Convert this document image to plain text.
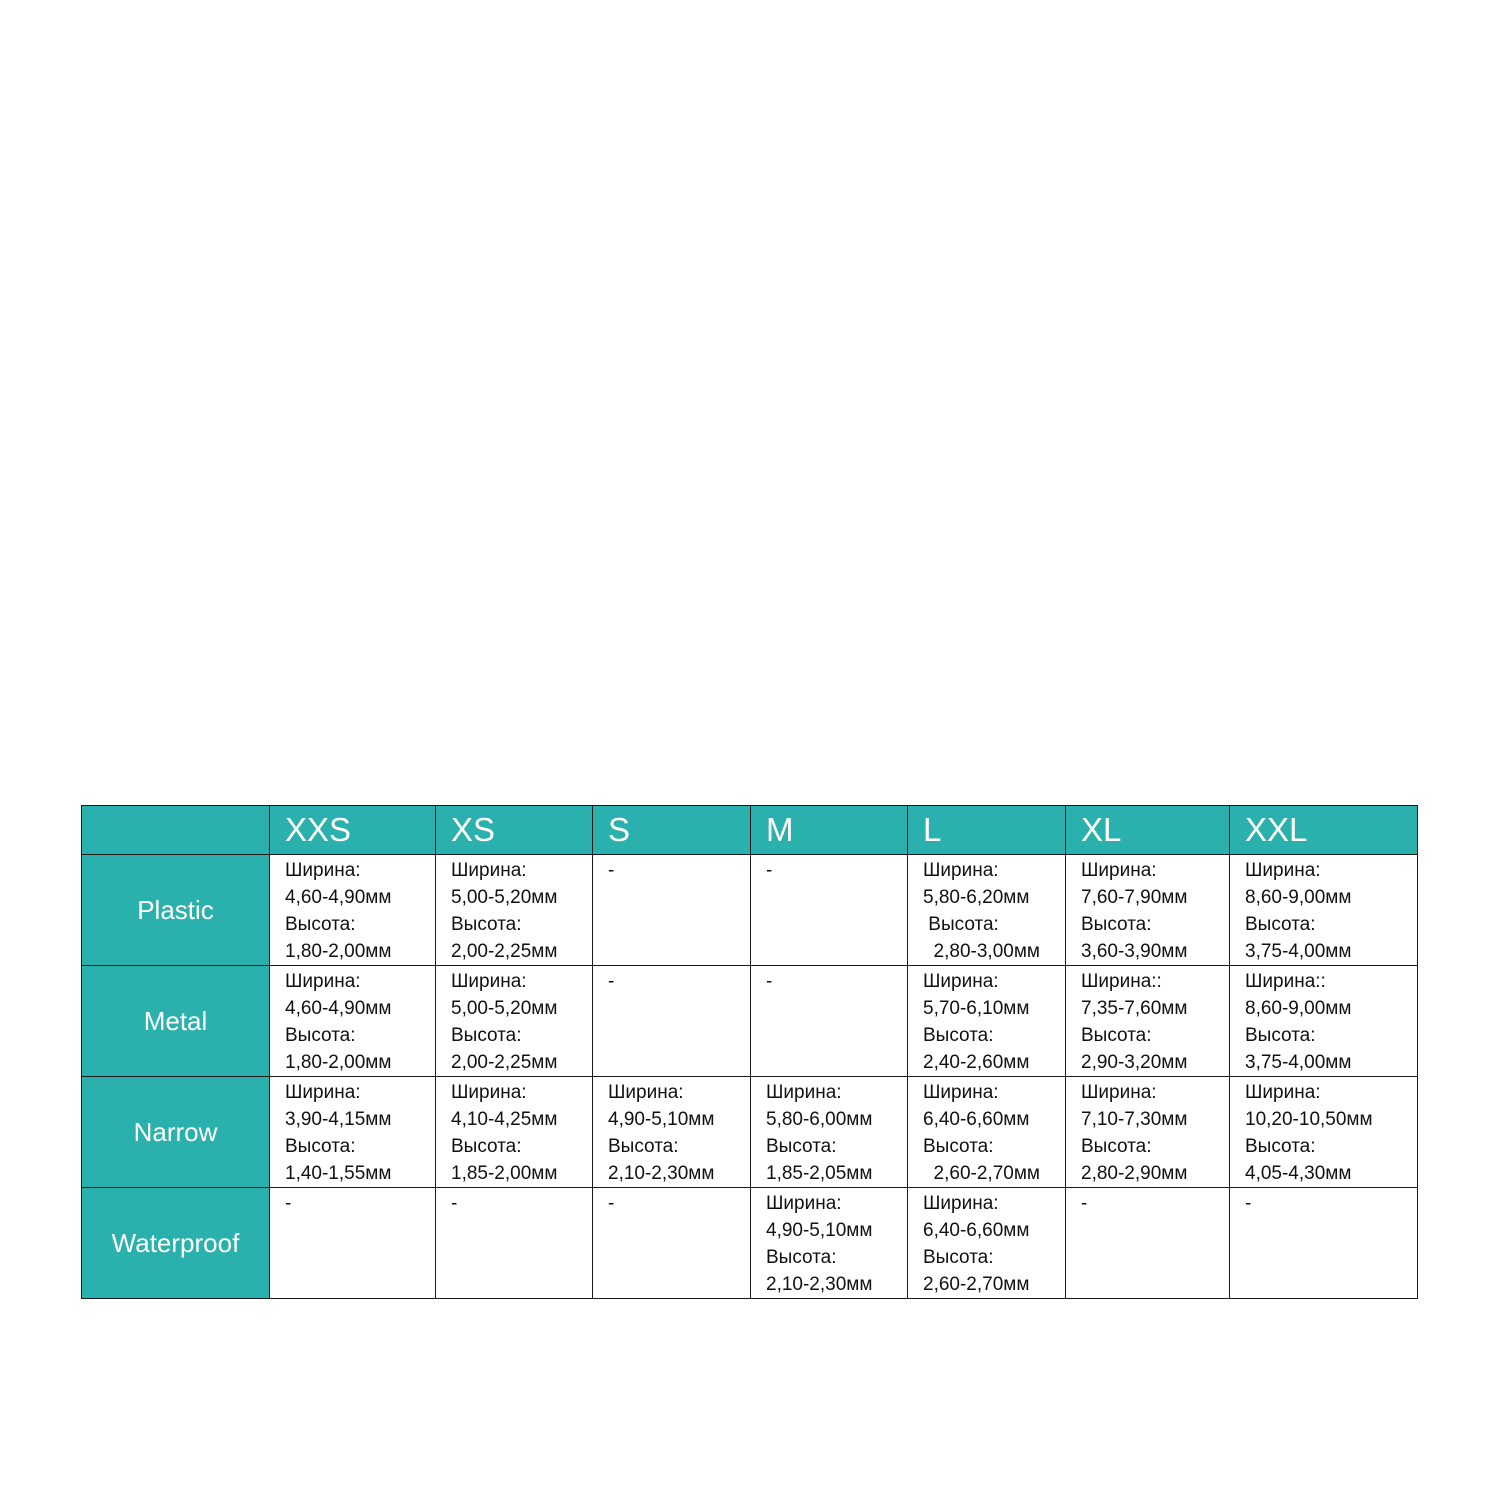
	XXS	XS	S	M	L	XL	XXL
Plastic	Ширина:
4,60-4,90мм
Высота:
1,80-2,00мм	Ширина:
5,00-5,20мм
Высота:
2,00-2,25мм	-	-	Ширина:
5,80-6,20мм
Высота:
2,80-3,00мм	Ширина:
7,60-7,90мм
Высота:
3,60-3,90мм	Ширина:
8,60-9,00мм
Высота:
3,75-4,00мм

Metal	Ширина:
4,60-4,90мм
Высота:
1,80-2,00мм	Ширина:
5,00-5,20мм
Высота:
2,00-2,25мм	-	-	Ширина:
5,70-6,10мм
Высота:
2,40-2,60мм	Ширина::
7,35-7,60мм
Высота:
2,90-3,20мм	Ширина::
8,60-9,00мм
Высота:
3,75-4,00мм

Narrow	Ширина:
3,90-4,15мм
Высота:
1,40-1,55мм	Ширина:
4,10-4,25мм
Высота:
1,85-2,00мм	Ширина:
4,90-5,10мм
Высота:
2,10-2,30мм	Ширина:
5,80-6,00мм
Высота:
1,85-2,05мм	Ширина:
6,40-6,60мм
Высота:
2,60-2,70мм	Ширина:
7,10-7,30мм
Высота:
2,80-2,90мм	Ширина:
10,20-10,50мм
Высота:
4,05-4,30мм

Waterproof	-	-	-	Ширина:
4,90-5,10мм
Высота:
2,10-2,30мм	Ширина:
6,40-6,60мм
Высота:
2,60-2,70мм	-	-
